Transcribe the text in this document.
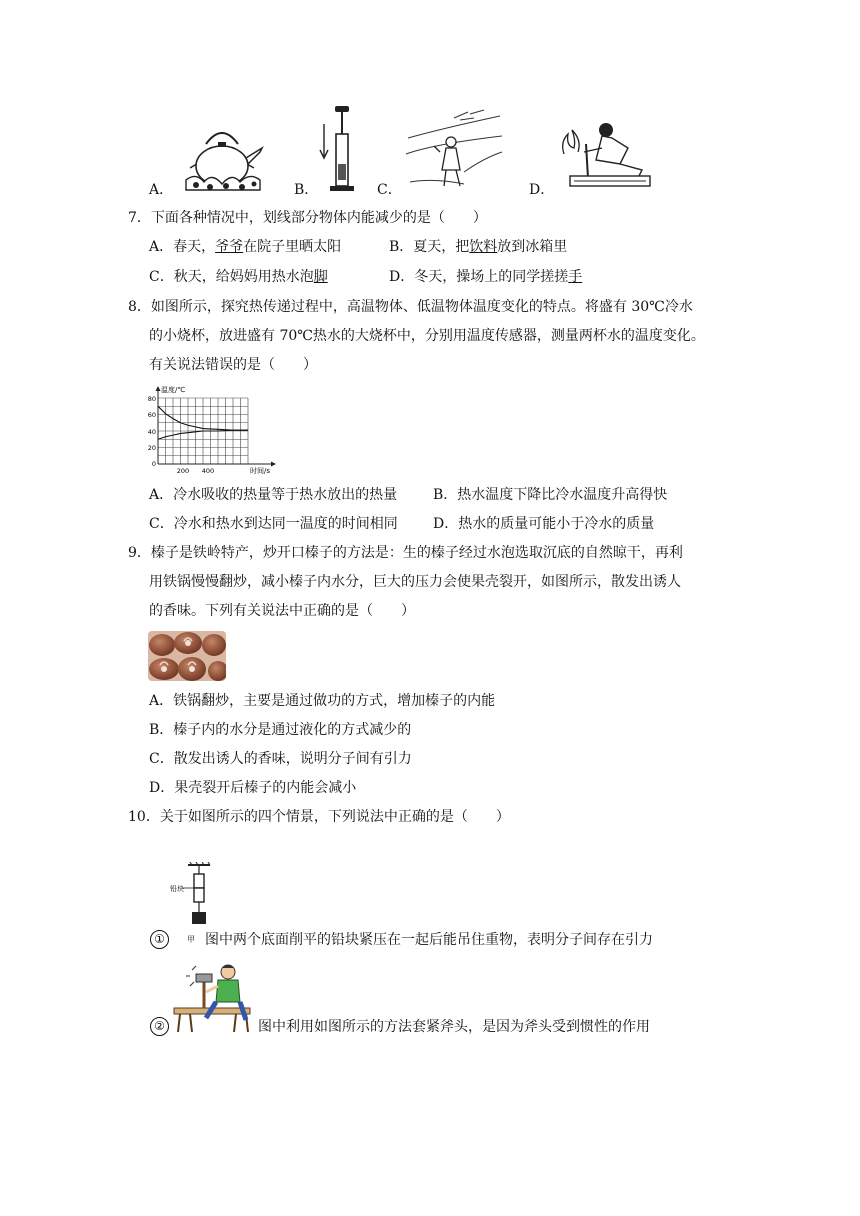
A．	B．	C．	D．
7．下面各种情况中，划线部分物体内能减少的是（　　）
A．春天，爷爷在院子里晒太阳	B．夏天，把饮料放到冰箱里
C．秋天，给妈妈用热水泡脚	D．冬天，操场上的同学搓搓手
8．如图所示，探究热传递过程中，高温物体、低温物体温度变化的特点。将盛有 30℃冷水
的小烧杯，放进盛有 70℃热水的大烧杯中，分别用温度传感器，测量两杯水的温度变化。
有关说法错误的是（　　）
温度/℃
80
60
40
20
0
200 400	时间/s
A．冷水吸收的热量等于热水放出的热量	B．热水温度下降比冷水温度升高得快
C．冷水和热水到达同一温度的时间相同	D．热水的质量可能小于冷水的质量
9．榛子是铁岭特产，炒开口榛子的方法是：生的榛子经过水泡选取沉底的自然晾干，再利
用铁锅慢慢翻炒，减小榛子内水分，巨大的压力会使果壳裂开，如图所示，散发出诱人
的香味。下列有关说法中正确的是（　　）
A．铁锅翻炒，主要是通过做功的方式，增加榛子的内能
B．榛子内的水分是通过液化的方式减少的
C．散发出诱人的香味，说明分子间有引力
D．果壳裂开后榛子的内能会减小
10．关于如图所示的四个情景，下列说法中正确的是（　　）
铅块
①	甲 图中两个底面削平的铅块紧压在一起后能吊住重物，表明分子间存在引力
②	图中利用如图所示的方法套紧斧头，是因为斧头受到惯性的作用
